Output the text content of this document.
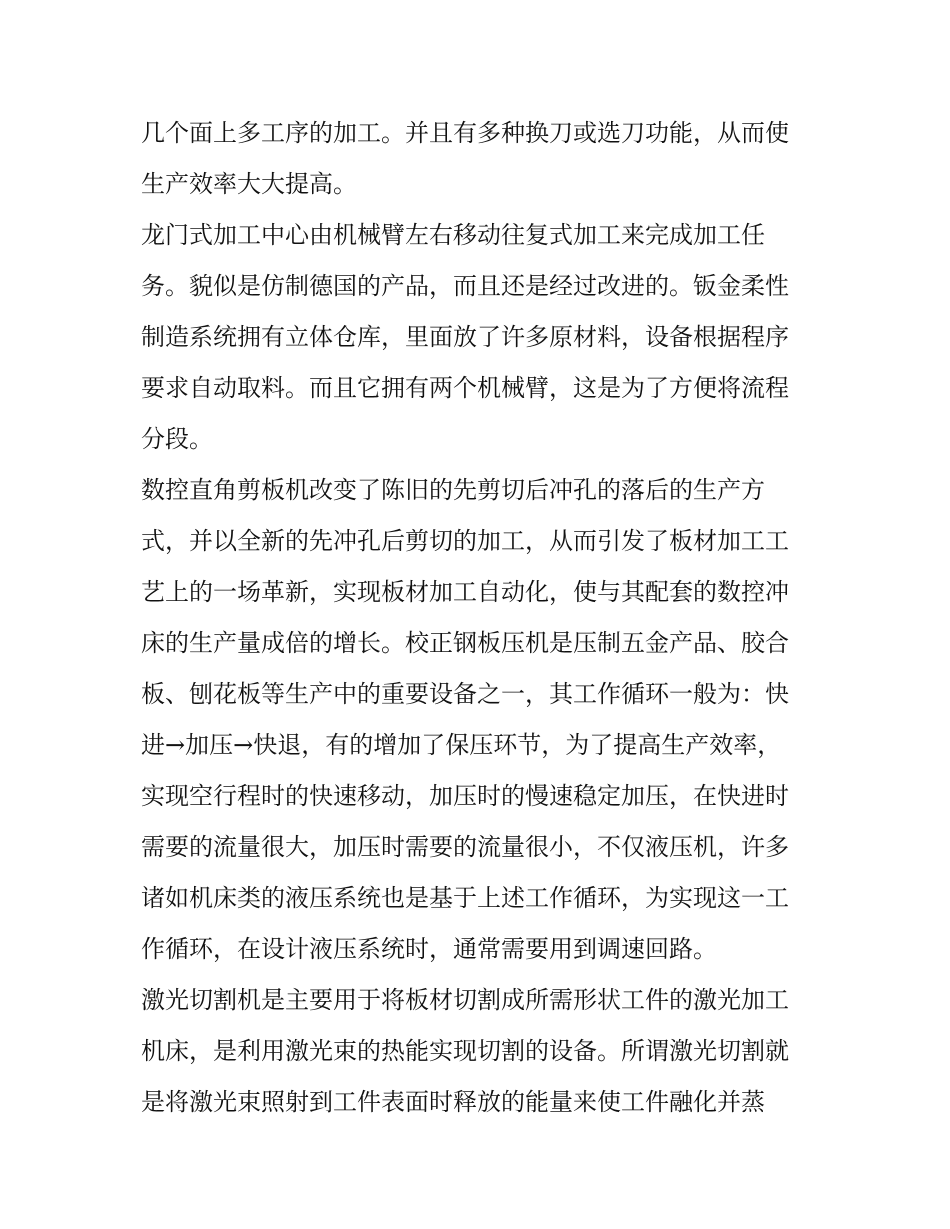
几个面上多工序的加工。并且有多种换刀或选刀功能，从而使
生产效率大大提高。
龙门式加工中心由机械臂左右移动往复式加工来完成加工任
务。貌似是仿制德国的产品，而且还是经过改进的。钣金柔性
制造系统拥有立体仓库，里面放了许多原材料，设备根据程序
要求自动取料。而且它拥有两个机械臂，这是为了方便将流程
分段。
数控直角剪板机改变了陈旧的先剪切后冲孔的落后的生产方
式，并以全新的先冲孔后剪切的加工，从而引发了板材加工工
艺上的一场革新，实现板材加工自动化，使与其配套的数控冲
床的生产量成倍的增长。校正钢板压机是压制五金产品、胶合
板、刨花板等生产中的重要设备之一，其工作循环一般为：快
进→加压→快退，有的增加了保压环节，为了提高生产效率，
实现空行程时的快速移动，加压时的慢速稳定加压，在快进时
需要的流量很大，加压时需要的流量很小，不仅液压机，许多
诸如机床类的液压系统也是基于上述工作循环，为实现这一工
作循环，在设计液压系统时，通常需要用到调速回路。
激光切割机是主要用于将板材切割成所需形状工件的激光加工
机床，是利用激光束的热能实现切割的设备。所谓激光切割就
是将激光束照射到工件表面时释放的能量来使工件融化并蒸
